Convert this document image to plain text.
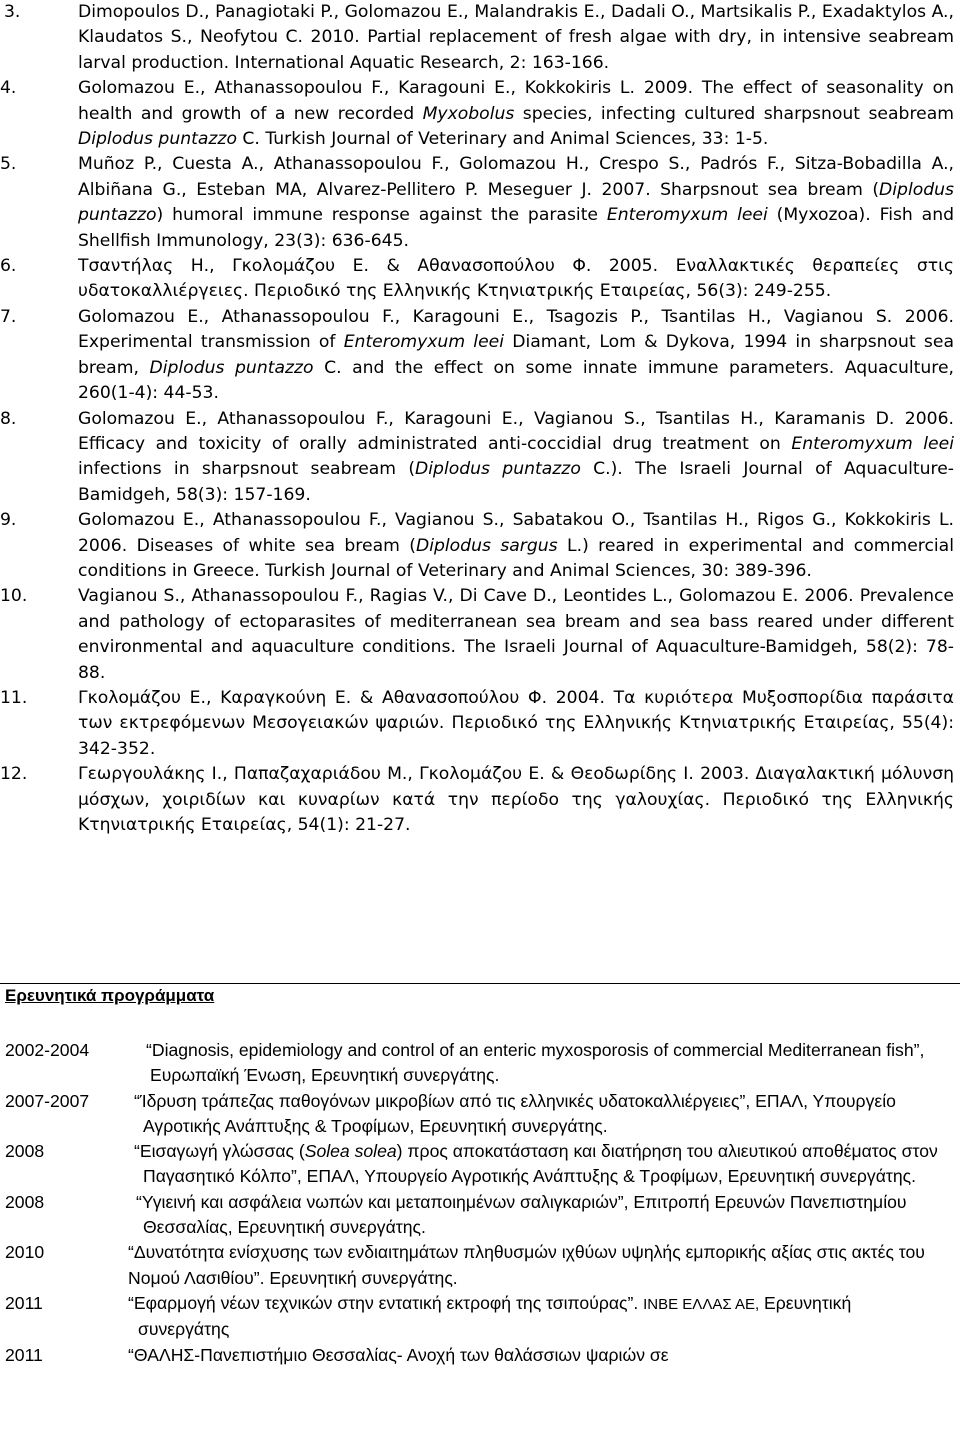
3.	Dimopoulos D., Panagiotaki P., Golomazou E., Malandrakis E., Dadali O., Martsikalis P., Exadaktylos A., Klaudatos S., Neofytou C. 2010. Partial replacement of fresh algae with dry, in intensive seabream larval production. International Aquatic Research, 2: 163-166.
4.	Golomazou E., Athanassopoulou F., Karagouni E., Kokkokiris L. 2009. The effect of seasonality on health and growth of a new recorded Myxobolus species, infecting cultured sharpsnout seabream Diplodus puntazzo C. Turkish Journal of Veterinary and Animal Sciences, 33: 1-5.
5.	Muñoz P., Cuesta A., Athanassopoulou F., Golomazou H., Crespo S., Padrós F., Sitza-Bobadilla A., Albiñana G., Esteban MA, Alvarez-Pellitero P. Meseguer J. 2007. Sharpsnout sea bream (Diplodus puntazzo) humoral immune response against the parasite Enteromyxum leei (Myxozoa). Fish and Shellfish Immunology, 23(3): 636-645.
6.	Τσαντήλας Η., Γκολομάζου Ε. & Αθανασοπούλου Φ. 2005. Εναλλακτικές θεραπείες στις υδατοκαλλιέργειες. Περιοδικό της Ελληνικής Κτηνιατρικής Εταιρείας, 56(3): 249-255.
7.	Golomazou E., Athanassopoulou F., Karagouni E., Tsagozis P., Tsantilas H., Vagianou S. 2006. Experimental transmission of Enteromyxum leei Diamant, Lom & Dykova, 1994 in sharpsnout sea bream, Diplodus puntazzo C. and the effect on some innate immune parameters. Aquaculture, 260(1-4): 44-53.
8.	Golomazou E., Athanassopoulou F., Karagouni E., Vagianou S., Tsantilas H., Karamanis D. 2006. Efficacy and toxicity of orally administrated anti-coccidial drug treatment on Enteromyxum leei infections in sharpsnout seabream (Diplodus puntazzo C.). The Israeli Journal of Aquaculture-Bamidgeh, 58(3): 157-169.
9.	Golomazou E., Athanassopoulou F., Vagianou S., Sabatakou O., Tsantilas H., Rigos G., Kokkokiris L. 2006. Diseases of white sea bream (Diplodus sargus L.) reared in experimental and commercial conditions in Greece. Turkish Journal of Veterinary and Animal Sciences, 30: 389-396.
10.	Vagianou S., Athanassopoulou F., Ragias V., Di Cave D., Leontides L., Golomazou E. 2006. Prevalence and pathology of ectoparasites of mediterranean sea bream and sea bass reared under different environmental and aquaculture conditions. The Israeli Journal of Aquaculture-Bamidgeh, 58(2): 78-88.
11.	Γκολομάζου Ε., Καραγκούνη Ε. & Αθανασοπούλου Φ. 2004. Τα κυριότερα Μυξοσπορίδια παράσιτα των εκτρεφόμενων Μεσογειακών ψαριών. Περιοδικό της Ελληνικής Κτηνιατρικής Εταιρείας, 55(4): 342-352.
12.	Γεωργουλάκης Ι., Παπαζαχαριάδου Μ., Γκολομάζου Ε. & Θεοδωρίδης Ι. 2003. Διαγαλακτική μόλυνση μόσχων, χοιριδίων και κυναρίων κατά την περίοδο της γαλουχίας. Περιοδικό της Ελληνικής Κτηνιατρικής Εταιρείας, 54(1): 21-27.
Ερευνητικά προγράμματα
2002-2004	“Diagnosis, epidemiology and control of an enteric myxosporosis of commercial Mediterranean fish”, Ευρωπαϊκή Ένωση, Ερευνητική συνεργάτης.
2007-2007	“Ίδρυση τράπεζας παθογόνων μικροβίων από τις ελληνικές υδατοκαλλιέργειες”, ΕΠΑΛ, Υπουργείο Αγροτικής Ανάπτυξης & Τροφίμων, Ερευνητική συνεργάτης.
2008	“Εισαγωγή γλώσσας (Solea solea) προς αποκατάσταση και διατήρηση του αλιευτικού αποθέματος στον Παγασητικό Κόλπο”, ΕΠΑΛ, Υπουργείο Αγροτικής Ανάπτυξης & Τροφίμων, Ερευνητική συνεργάτης.
2008	“Υγιεινή και ασφάλεια νωπών και μεταποιημένων σαλιγκαριών”, Επιτροπή Ερευνών Πανεπιστημίου Θεσσαλίας, Ερευνητική συνεργάτης.
2010	“Δυνατότητα ενίσχυσης των ενδιαιτημάτων πληθυσμών ιχθύων υψηλής εμπορικής αξίας στις ακτές του Νομού Λασιθίου”. Ερευνητική συνεργάτης.
2011	“Εφαρμογή νέων τεχνικών στην εντατική εκτροφή της τσιπούρας”. INBE ΕΛΛΑΣ ΑΕ, Ερευνητική συνεργάτης
2011	“ΘΑΛΗΣ-Πανεπιστήμιο Θεσσαλίας- Ανοχή των θαλάσσιων ψαριών σε
